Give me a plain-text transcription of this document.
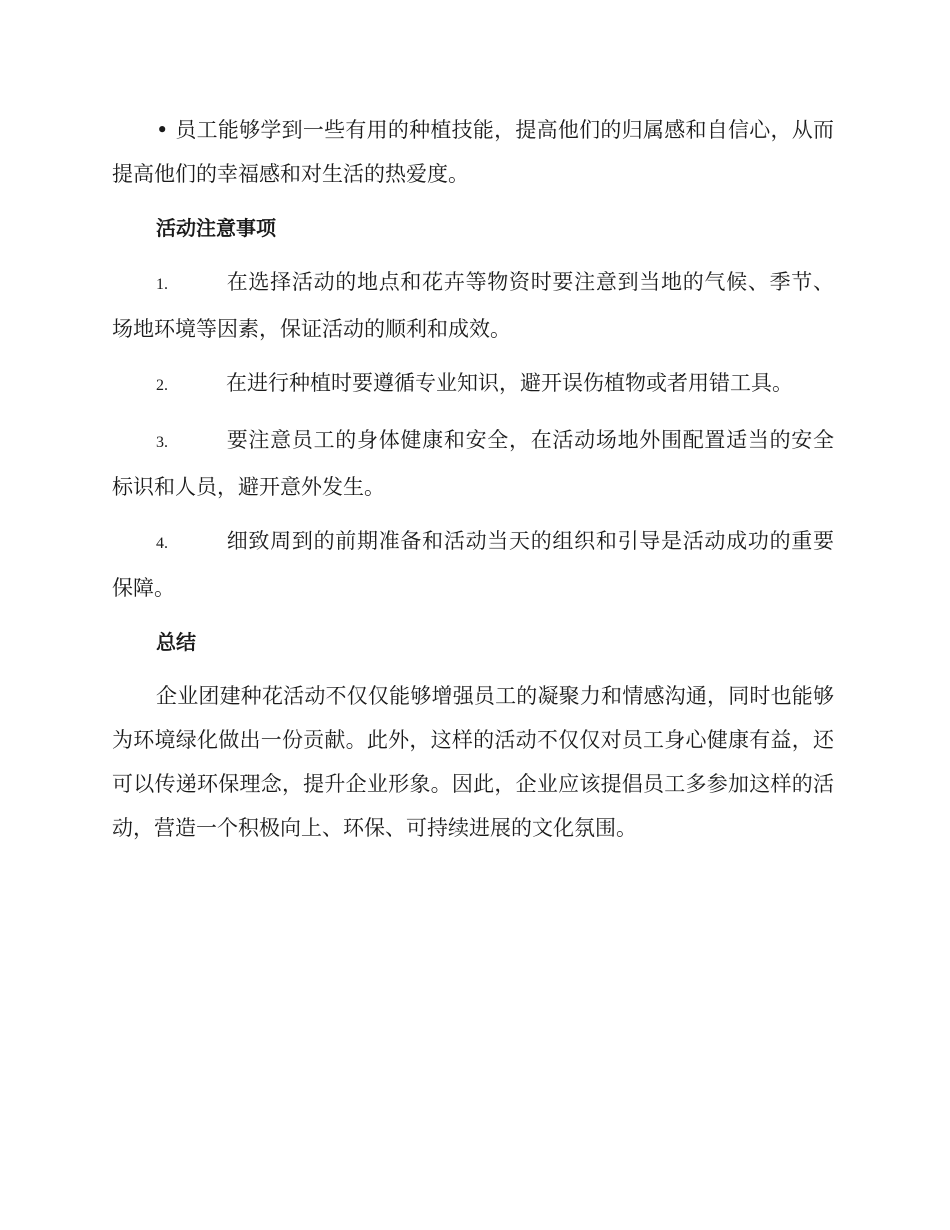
• 员工能够学到一些有用的种植技能，提高他们的归属感和自信心，从而提高他们的幸福感和对生活的热爱度。

活动注意事项

1.	在选择活动的地点和花卉等物资时要注意到当地的气候、季节、场地环境等因素，保证活动的顺利和成效。

2.	在进行种植时要遵循专业知识，避开误伤植物或者用错工具。

3.	要注意员工的身体健康和安全，在活动场地外围配置适当的安全标识和人员，避开意外发生。

4.	细致周到的前期准备和活动当天的组织和引导是活动成功的重要保障。

总结

企业团建种花活动不仅仅能够增强员工的凝聚力和情感沟通，同时也能够为环境绿化做出一份贡献。此外，这样的活动不仅仅对员工身心健康有益，还可以传递环保理念，提升企业形象。因此，企业应该提倡员工多参加这样的活动，营造一个积极向上、环保、可持续进展的文化氛围。
